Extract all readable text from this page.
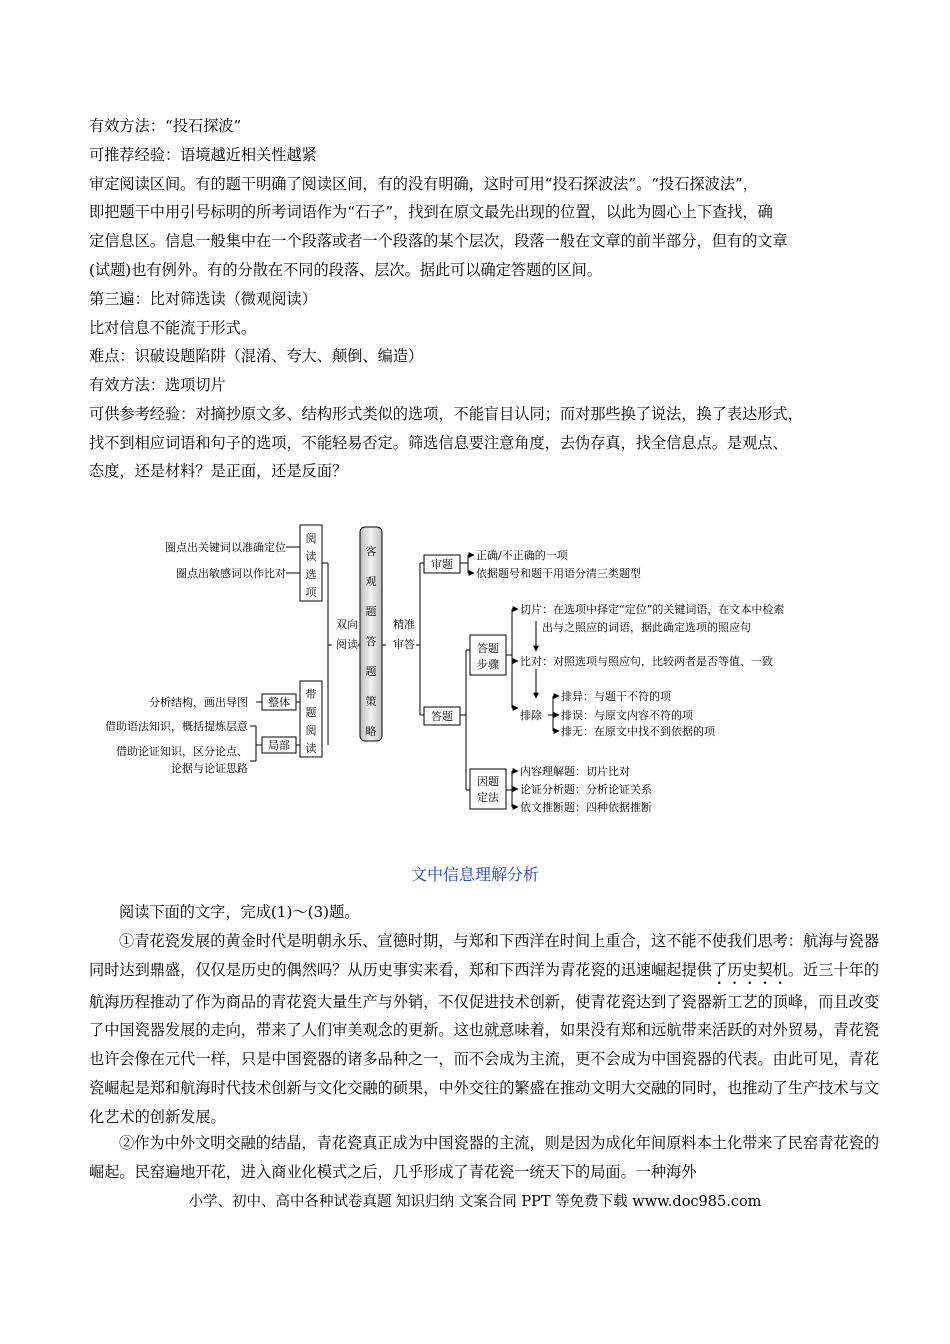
有效方法：“投石探波”
可推荐经验：语境越近相关性越紧
审定阅读区间。有的题干明确了阅读区间，有的没有明确，这时可用“投石探波法”。“投石探波法”，
即把题干中用引号标明的所考词语作为“石子”，找到在原文最先出现的位置，以此为圆心上下查找，确
定信息区。信息一般集中在一个段落或者一个段落的某个层次，段落一般在文章的前半部分，但有的文章
(试题)也有例外。有的分散在不同的段落、层次。据此可以确定答题的区间。
第三遍：比对筛选读（微观阅读）
比对信息不能流于形式。
难点：识破设题陷阱（混淆、夸大、颠倒、编造）
有效方法：选项切片
可供参考经验：对摘抄原文多、结构形式类似的选项，不能盲目认同；而对那些换了说法，换了表达形式，
找不到相应词语和句子的选项，不能轻易否定。筛选信息要注意角度，去伪存真，找全信息点。是观点、
态度，还是材料？是正面，还是反面？
圈点出关键词以准确定位
圈点出敏感词以作比对
双向
阅读
精准
审答
审题
正确/不正确的一项
依据题号和题干用语分清三类题型
答题
答题
步骤
切片：在选项中择定“定位”的关键词语，在文本中检索
出与之照应的词语，据此确定选项的照应句
比对：对照选项与照应句，比较两者是否等值、一致
排除
排异：与题干不符的项
排误：与原文内容不符的项
排无：在原文中找不到依据的项
因题
定法
内容理解题：切片比对
论证分析题：分析论证关系
依文推断题：四种依据推断
分析结构，画出导图 整体
局部
借助语法知识，概括提炼层意
借助论证知识，区分论点、
论据与论证思路
阅
读
选
项
带
题
阅
读
客
观
题
答
题
策
略
文中信息理解分析
阅读下面的文字，完成(1)～(3)题。
①青花瓷发展的黄金时代是明朝永乐、宣德时期，与郑和下西洋在时间上重合，这不能不使我们思考：航海与瓷器同时达到鼎盛，仅仅是历史的偶然吗？从历史事实来看，郑和下西洋为青花瓷的迅速崛起提供了历史契机。近三十年的航海历程推动了作为商品的青花瓷大量生产与外销，不仅促进技术创新，使青花瓷达到了瓷器新工艺的顶峰，而且改变了中国瓷器发展的走向，带来了人们审美观念的更新。这也就意味着，如果没有郑和远航带来活跃的对外贸易，青花瓷也许会像在元代一样，只是中国瓷器的诸多品种之一，而不会成为主流，更不会成为中国瓷器的代表。由此可见，青花瓷崛起是郑和航海时代技术创新与文化交融的硕果，中外交往的繁盛在推动文明大交融的同时，也推动了生产技术与文化艺术的创新发展。
②作为中外文明交融的结晶，青花瓷真正成为中国瓷器的主流，则是因为成化年间原料本土化带来了民窑青花瓷的崛起。民窑遍地开花，进入商业化模式之后，几乎形成了青花瓷一统天下的局面。一种海外
小学、初中、高中各种试卷真题 知识归纳 文案合同 PPT 等免费下载 www.doc985.com
